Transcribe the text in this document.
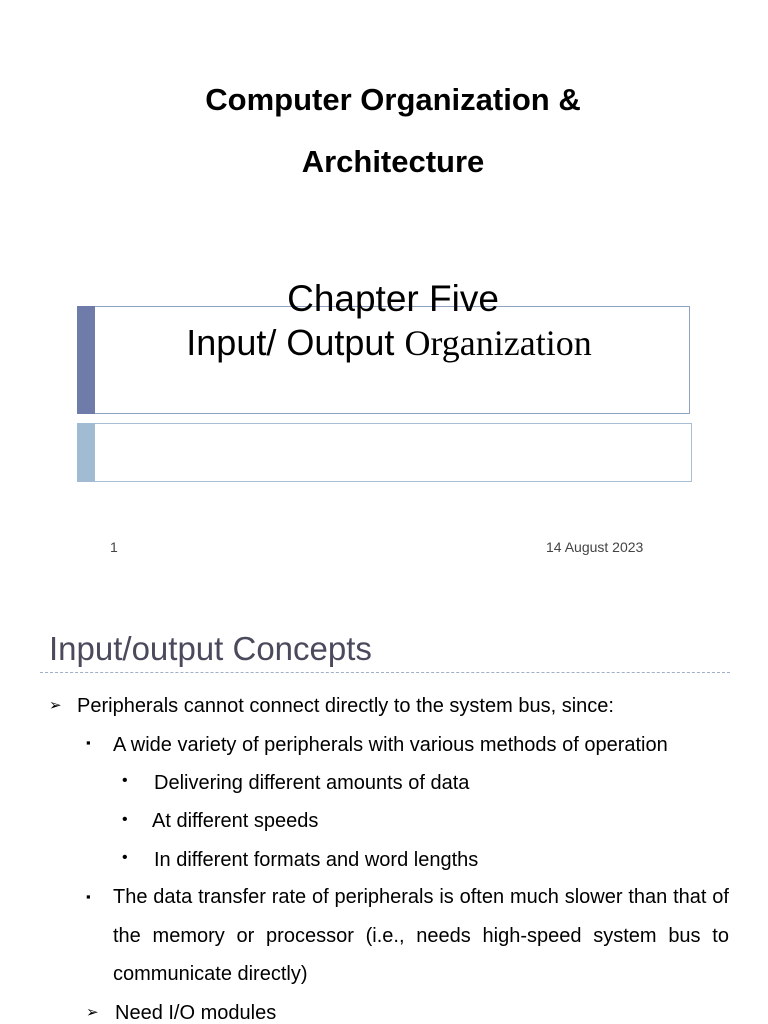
Computer Organization &
Architecture
Chapter Five
Input/ Output Organization
1	14 August 2023
Input/output Concepts
➢ Peripherals cannot connect directly to the system bus, since:
▪ A wide variety of peripherals with various methods of operation
• Delivering different amounts of data
• At different speeds
• In different formats and word lengths
▪ The data transfer rate of peripherals is often much slower than that of the memory or processor (i.e., needs high-speed system bus to communicate directly)
➢ Need I/O modules
